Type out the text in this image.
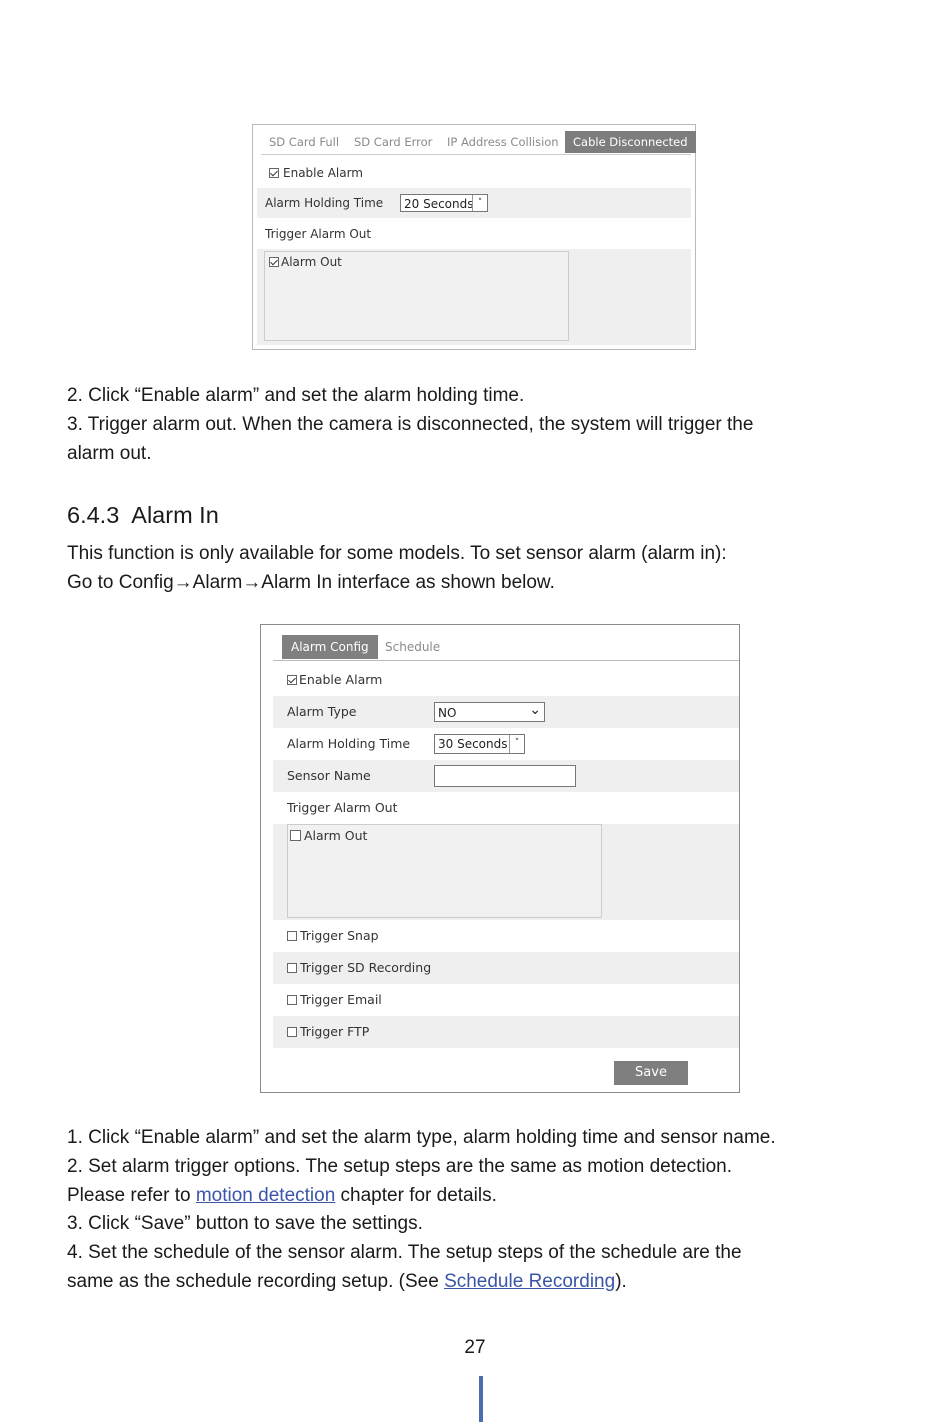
SD Card Full SD Card Error IP Address Collision	Cable Disconnected
Enable Alarm
Alarm Holding Time	20 Seconds ˅
Trigger Alarm Out
Alarm Out
2. Click “Enable alarm” and set the alarm holding time.
3. Trigger alarm out. When the camera is disconnected, the system will trigger the
alarm out.
6.4.3 Alarm In
This function is only available for some models. To set sensor alarm (alarm in):
Go to Config→Alarm→Alarm In interface as shown below.
Alarm Config	Schedule
Enable Alarm
Alarm Type	NO	⌄
Alarm Holding Time	30 Seconds ˅
Sensor Name
Trigger Alarm Out
Alarm Out
Trigger Snap
Trigger SD Recording
Trigger Email
Trigger FTP
Save
1. Click “Enable alarm” and set the alarm type, alarm holding time and sensor name.
2. Set alarm trigger options. The setup steps are the same as motion detection.
Please refer to motion detection chapter for details.
3. Click “Save” button to save the settings.
4. Set the schedule of the sensor alarm. The setup steps of the schedule are the
same as the schedule recording setup. (See Schedule Recording).
27
